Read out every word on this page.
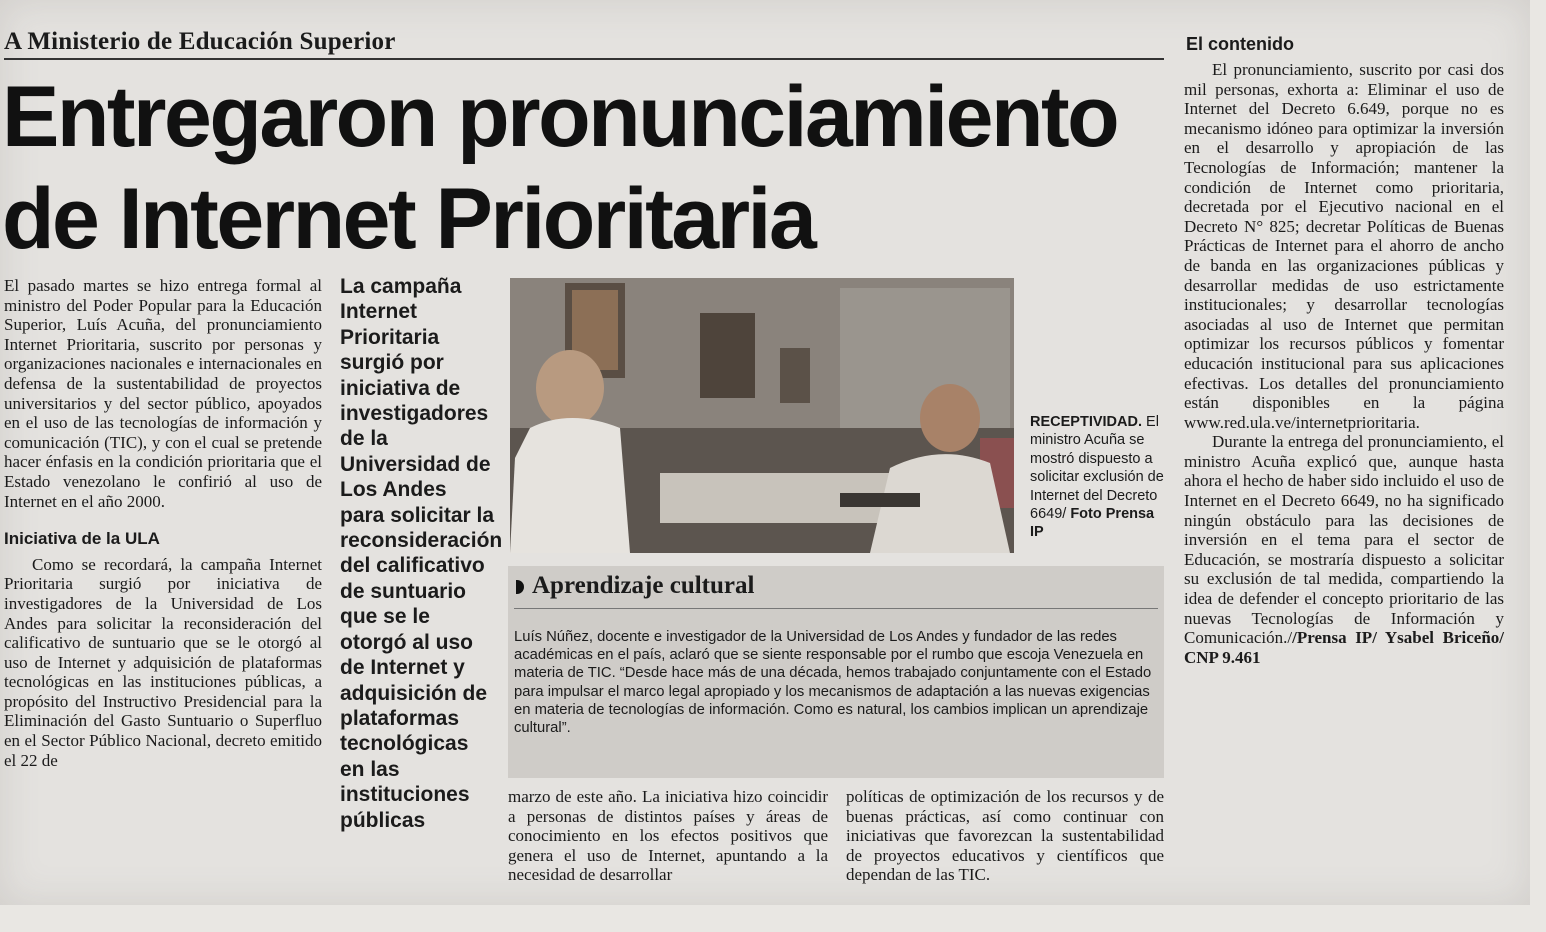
A Ministerio de Educación Superior
Entregaron pronunciamiento de Internet Prioritaria

El pasado martes se hizo entrega formal al ministro del Poder Popular para la Educación Superior, Luís Acuña, del pronunciamiento Internet Prioritaria, suscrito por personas y organizaciones nacionales e internacionales en defensa de la sustentabilidad de proyectos universitarios y del sector público, apoyados en el uso de las tecnologías de información y comunicación (TIC), y con el cual se pretende hacer énfasis en la condición prioritaria que el Estado venezolano le confirió al uso de Internet en el año 2000.

Iniciativa de la ULA

Como se recordará, la campaña Internet Prioritaria surgió por iniciativa de investigadores de la Universidad de Los Andes para solicitar la reconsideración del calificativo de suntuario que se le otorgó al uso de Internet y adquisición de plataformas tecnológicas en las instituciones públicas, a propósito del Instructivo Presidencial para la Eliminación del Gasto Suntuario o Superfluo en el Sector Público Nacional, decreto emitido el 22 de

La campaña Internet Prioritaria surgió por iniciativa de investigadores de la Universidad de Los Andes para solicitar la reconsideración del calificativo de suntuario que se le otorgó al uso de Internet y adquisición de plataformas tecnológicas en las instituciones públicas
RECEPTIVIDAD. El ministro Acuña se mostró dispuesto a solicitar exclusión de Internet del Decreto 6649/ Foto Prensa IP
Aprendizaje cultural
Luís Núñez, docente e investigador de la Universidad de Los Andes y fundador de las redes académicas en el país, aclaró que se siente responsable por el rumbo que escoja Venezuela en materia de TIC. “Desde hace más de una década, hemos trabajado conjuntamente con el Estado para impulsar el marco legal apropiado y los mecanismos de adaptación a las nuevas exigencias en materia de tecnologías de información. Como es natural, los cambios implican un aprendizaje cultural”.
marzo de este año. La iniciativa hizo coincidir a personas de distintos países y áreas de conocimiento en los efectos positivos que genera el uso de Internet, apuntando a la necesidad de desarrollar
políticas de optimización de los recursos y de buenas prácticas, así como continuar con iniciativas que favorezcan la sustentabilidad de proyectos educativos y científicos que dependan de las TIC.
El contenido

El pronunciamiento, suscrito por casi dos mil personas, exhorta a: Eliminar el uso de Internet del Decreto 6.649, porque no es mecanismo idóneo para optimizar la inversión en el desarrollo y apropiación de las Tecnologías de Información; mantener la condición de Internet como prioritaria, decretada por el Ejecutivo nacional en el Decreto N° 825; decretar Políticas de Buenas Prácticas de Internet para el ahorro de ancho de banda en las organizaciones públicas y desarrollar medidas de uso estrictamente institucionales; y desarrollar tecnologías asociadas al uso de Internet que permitan optimizar los recursos públicos y fomentar educación institucional para sus aplicaciones efectivas. Los detalles del pronunciamiento están disponibles en la página www.red.ula.ve/internetprioritaria.

Durante la entrega del pronunciamiento, el ministro Acuña explicó que, aunque hasta ahora el hecho de haber sido incluido el uso de Internet en el Decreto 6649, no ha significado ningún obstáculo para las decisiones de inversión en el tema para el sector de Educación, se mostraría dispuesto a solicitar su exclusión de tal medida, compartiendo la idea de defender el concepto prioritario de las nuevas Tecnologías de Información y Comunicación.//Prensa IP/ Ysabel Briceño/ CNP 9.461
